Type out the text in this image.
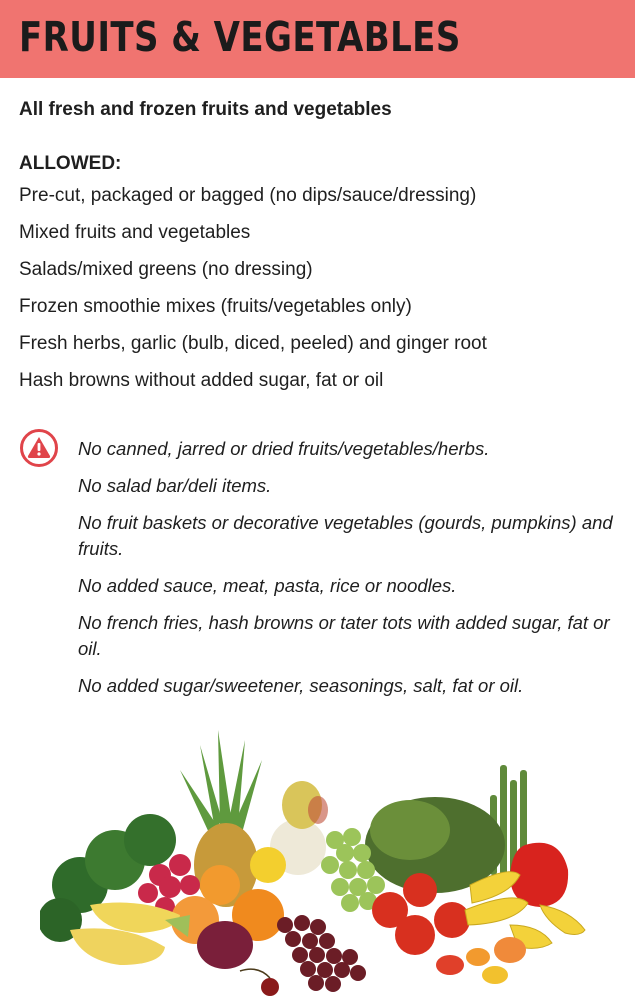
FRUITS & VEGETABLES

All fresh and frozen fruits and vegetables

ALLOWED:

Pre-cut, packaged or bagged (no dips/sauce/dressing)
Mixed fruits and vegetables
Salads/mixed greens (no dressing)
Frozen smoothie mixes (fruits/vegetables only)
Fresh herbs, garlic (bulb, diced, peeled) and ginger root
Hash browns without added sugar, fat or oil
No canned, jarred or dried fruits/vegetables/herbs.
No salad bar/deli items.
No fruit baskets or decorative vegetables (gourds, pumpkins) and fruits.
No added sauce, meat, pasta, rice or noodles.
No french fries, hash browns or tater tots with added sugar, fat or oil.
No added sugar/sweetener, seasonings, salt, fat or oil.
